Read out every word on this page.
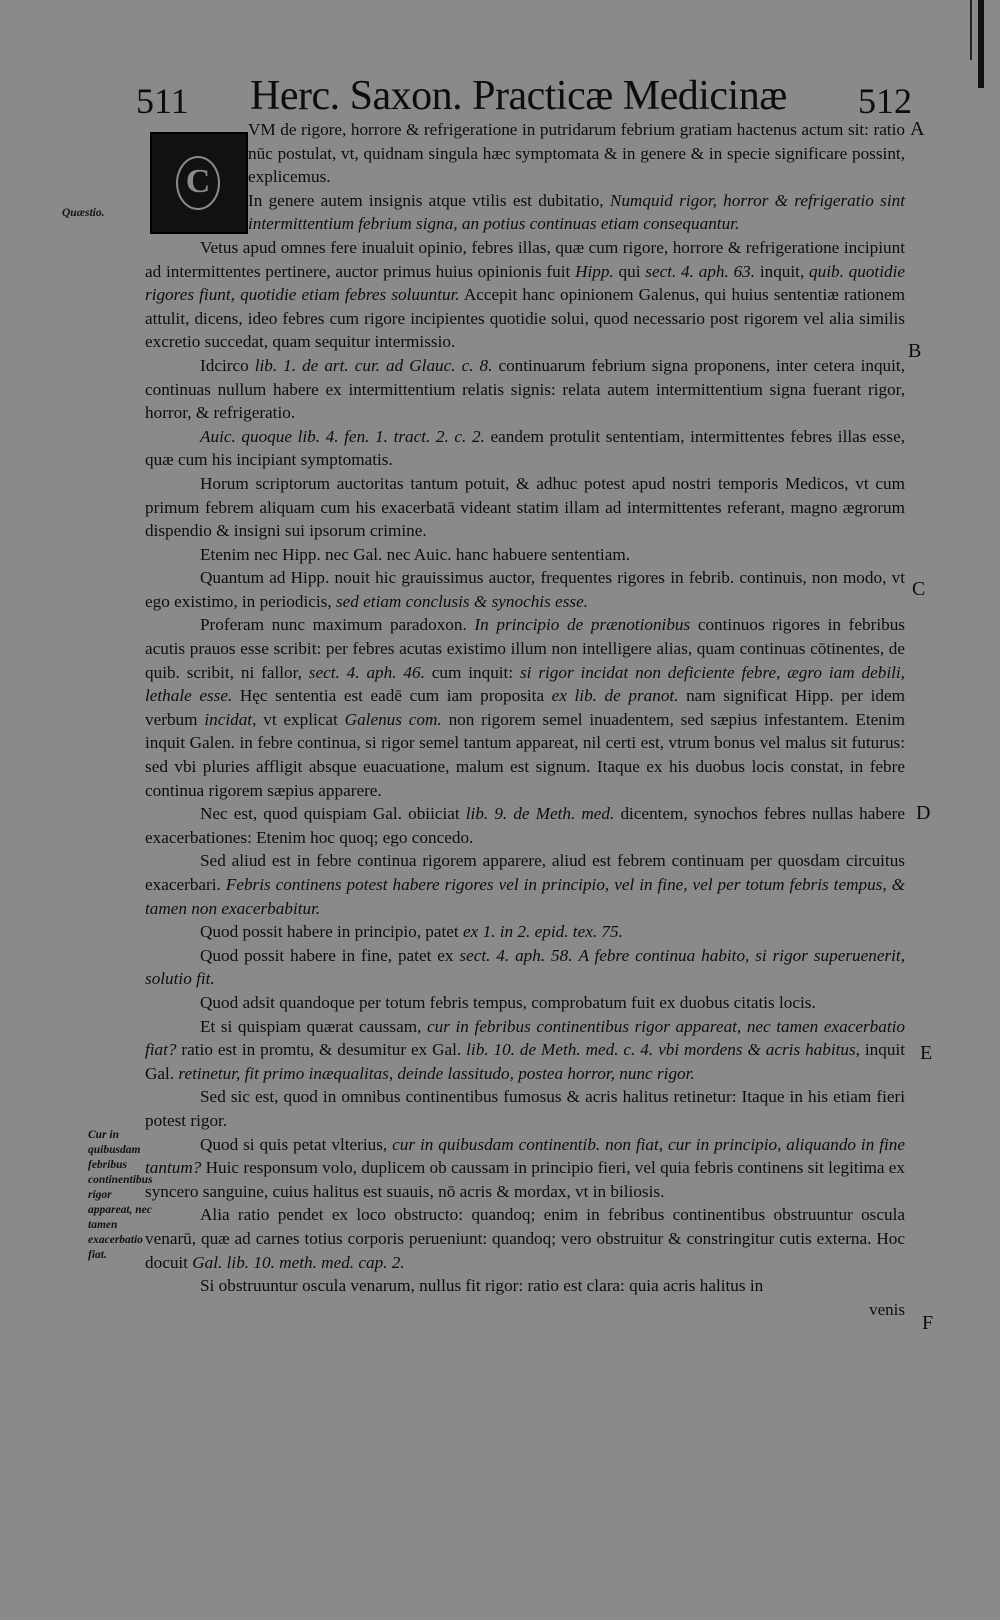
511 Herc. Saxon. Practicæ Medicinæ 512
Quæstio.
Cur in quibusdam febribus continentibus rigor appareat, nec tamen exacerbatio fiat.
A
B
C
D
E
F
C

VM de rigore, horrore & refrigeratione in putridarum febrium gratiam hactenus actum sit: ratio nūc postulat, vt, quidnam singula hæc symptomata & in genere & in specie significare possint, explicemus.

In genere autem insignis atque vtilis est dubitatio, Numquid rigor, horror & refrigeratio sint intermittentium febrium signa, an potius continuas etiam consequantur.

Vetus apud omnes fere inualuit opinio, febres illas, quæ cum rigore, horrore & refrigeratione incipiunt ad intermittentes pertinere, auctor primus huius opinionis fuit Hipp. qui sect. 4. aph. 63. inquit, quib. quotidie rigores fiunt, quotidie etiam febres soluuntur. Accepit hanc opinionem Galenus, qui huius sententiæ rationem attulit, dicens, ideo febres cum rigore incipientes quotidie solui, quod necessario post rigorem vel alia similis excretio succedat, quam sequitur intermissio.

Idcirco lib. 1. de art. cur. ad Glauc. c. 8. continuarum febrium signa proponens, inter cetera inquit, continuas nullum habere ex intermittentium relatis signis: relata autem intermittentium signa fuerant rigor, horror, & refrigeratio.

Auic. quoque lib. 4. fen. 1. tract. 2. c. 2. eandem protulit sententiam, intermittentes febres illas esse, quæ cum his incipiant symptomatis.

Horum scriptorum auctoritas tantum potuit, & adhuc potest apud nostri temporis Medicos, vt cum primum febrem aliquam cum his exacerbatā videant statim illam ad intermittentes referant, magno ægrorum dispendio & insigni sui ipsorum crimine.

Etenim nec Hipp. nec Gal. nec Auic. hanc habuere sententiam.

Quantum ad Hipp. nouit hic grauissimus auctor, frequentes rigores in febrib. continuis, non modo, vt ego existimo, in periodicis, sed etiam conclusis & synochis esse.

Proferam nunc maximum paradoxon. In principio de prænotionibus continuos rigores in febribus acutis prauos esse scribit: per febres acutas existimo illum non intelligere alias, quam continuas cōtinentes, de quib. scribit, ni fallor, sect. 4. aph. 46. cum inquit: si rigor incidat non deficiente febre, ægro iam debili, lethale esse. Hęc sententia est eadē cum iam proposita ex lib. de pranot. nam significat Hipp. per idem verbum incidat, vt explicat Galenus com. non rigorem semel inuadentem, sed sæpius infestantem. Etenim inquit Galen. in febre continua, si rigor semel tantum appareat, nil certi est, vtrum bonus vel malus sit futurus: sed vbi pluries affligit absque euacuatione, malum est signum. Itaque ex his duobus locis constat, in febre continua rigorem sæpius apparere.

Nec est, quod quispiam Gal. obiiciat lib. 9. de Meth. med. dicentem, synochos febres nullas habere exacerbationes: Etenim hoc quoq; ego concedo.

Sed aliud est in febre continua rigorem apparere, aliud est febrem continuam per quosdam circuitus exacerbari. Febris continens potest habere rigores vel in principio, vel in fine, vel per totum febris tempus, & tamen non exacerbabitur.

Quod possit habere in principio, patet ex 1. in 2. epid. tex. 75.

Quod possit habere in fine, patet ex sect. 4. aph. 58. A febre continua habito, si rigor superuenerit, solutio fit.

Quod adsit quandoque per totum febris tempus, comprobatum fuit ex duobus citatis locis.

Et si quispiam quærat caussam, cur in febribus continentibus rigor appareat, nec tamen exacerbatio fiat? ratio est in promtu, & desumitur ex Gal. lib. 10. de Meth. med. c. 4. vbi mordens & acris habitus, inquit Gal. retinetur, fit primo inæqualitas, deinde lassitudo, postea horror, nunc rigor.

Sed sic est, quod in omnibus continentibus fumosus & acris halitus retinetur: Itaque in his etiam fieri potest rigor.

Quod si quis petat vlterius, cur in quibusdam continentib. non fiat, cur in principio, aliquando in fine tantum? Huic responsum volo, duplicem ob caussam in principio fieri, vel quia febris continens sit legitima ex syncero sanguine, cuius halitus est suauis, nō acris & mordax, vt in biliosis.

Alia ratio pendet ex loco obstructo: quandoq; enim in febribus continentibus obstruuntur oscula venarū, quæ ad carnes totius corporis perueniunt: quandoq; vero obstruitur & constringitur cutis externa. Hoc docuit Gal. lib. 10. meth. med. cap. 2.

Si obstruuntur oscula venarum, nullus fit rigor: ratio est clara: quia acris halitus in

venis
